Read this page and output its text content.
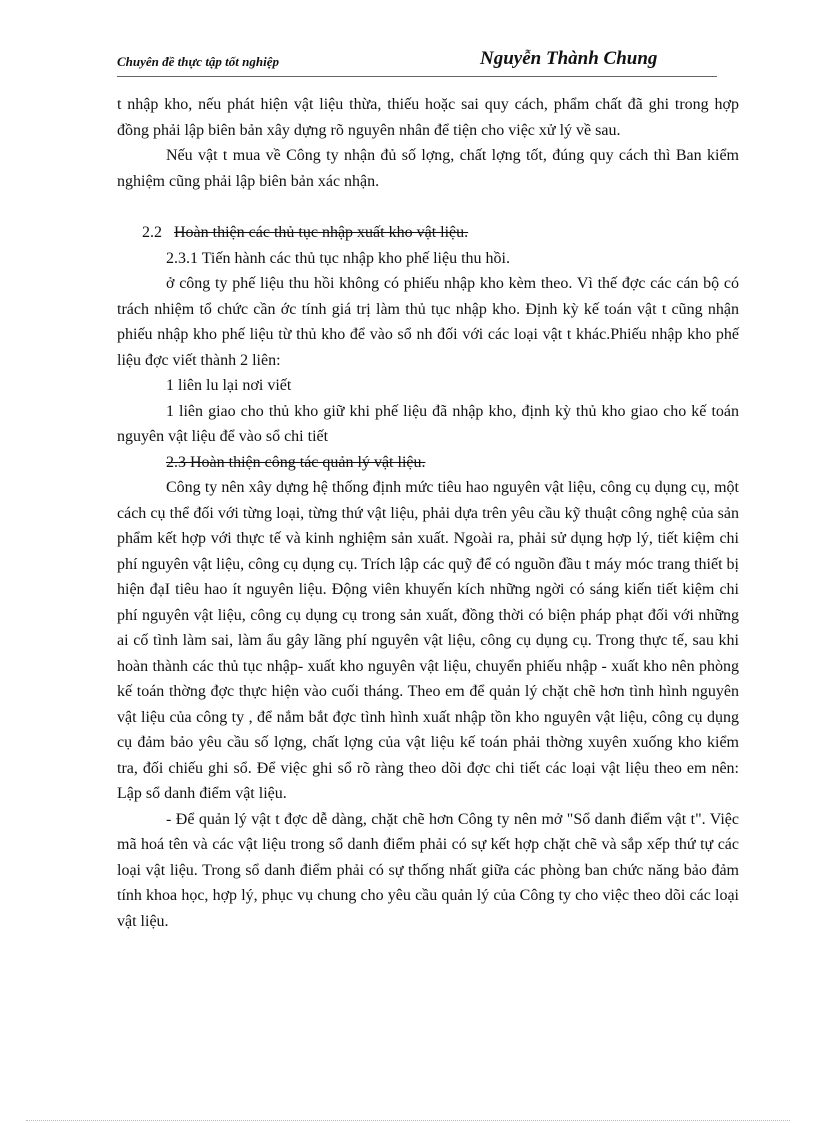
Chuyên đề thực tập tốt nghiệp	Nguyễn Thành Chung

t nhập kho, nếu phát hiện vật liệu thừa, thiếu hoặc sai quy cách, phẩm chất đã ghi trong hợp đồng phải lập biên bản xây dựng rõ nguyên nhân để tiện cho việc xử lý về sau.

Nếu vật t mua về Công ty nhận đủ số lợng, chất lợng tốt, đúng quy cách thì Ban kiểm nghiệm cũng phải lập biên bản xác nhận.

2.2 Hoàn thiện các thủ tục nhập xuất kho vật liệu.

2.3.1 Tiến hành các thủ tục nhập kho phế liệu thu hồi.

ở công ty phế liệu thu hồi không có phiếu nhập kho kèm theo. Vì thế đợc các cán bộ có trách nhiệm tổ chức cần ớc tính giá trị làm thủ tục nhập kho. Định kỳ kế toán vật t cũng nhận phiếu nhập kho phế liệu từ thủ kho để vào sổ nh đối với các loại vật t khác.Phiếu nhập kho phế liệu đợc viết thành 2 liên:

1 liên lu lại nơi viết

1 liên giao cho thủ kho giữ khi phế liệu đã nhập kho, định kỳ thủ kho giao cho kế toán nguyên vật liệu để vào sổ chi tiết

2.3 Hoàn thiện công tác quản lý vật liệu.

Công ty nên xây dựng hệ thống định mức tiêu hao nguyên vật liệu, công cụ dụng cụ, một cách cụ thể đối với từng loại, từng thứ vật liệu, phải dựa trên yêu cầu kỹ thuật công nghệ của sản phẩm kết hợp với thực tế và kinh nghiệm sản xuất. Ngoài ra, phải sử dụng hợp lý, tiết kiệm chi phí nguyên vật liệu, công cụ dụng cụ. Trích lập các quỹ để có nguồn đầu t máy móc trang thiết bị hiện đạI tiêu hao ít nguyên liệu. Động viên khuyến kích những ngời có sáng kiến tiết kiệm chi phí nguyên vật liệu, công cụ dụng cụ trong sản xuất, đồng thời có biện pháp phạt đối với những ai cố tình làm sai, làm ẩu gây lãng phí nguyên vật liệu, công cụ dụng cụ. Trong thực tế, sau khi hoàn thành các thủ tục nhập- xuất kho nguyên vật liệu, chuyển phiếu nhập - xuất kho nên phòng kế toán thờng đợc thực hiện vào cuối tháng. Theo em để quản lý chặt chẽ hơn tình hình nguyên vật liệu của công ty , để nắm bắt đợc tình hình xuất nhập tồn kho nguyên vật liệu, công cụ dụng cụ đảm bảo yêu cầu số lợng, chất lợng của vật liệu kế toán phải thờng xuyên xuống kho kiểm tra, đối chiếu ghi sổ. Để việc ghi sổ rõ ràng theo dõi đợc chi tiết các loại vật liệu theo em nên: Lập sổ danh điểm vật liệu.

- Để quản lý vật t đợc dễ dàng, chặt chẽ hơn Công ty nên mở "Sổ danh điểm vật t". Việc mã hoá tên và các vật liệu trong sổ danh điểm phải có sự kết hợp chặt chẽ và sắp xếp thứ tự các loại vật liệu. Trong sổ danh điểm phải có sự thống nhất giữa các phòng ban chức năng bảo đảm tính khoa học, hợp lý, phục vụ chung cho yêu cầu quản lý của Công ty cho việc theo dõi các loại vật liệu.
